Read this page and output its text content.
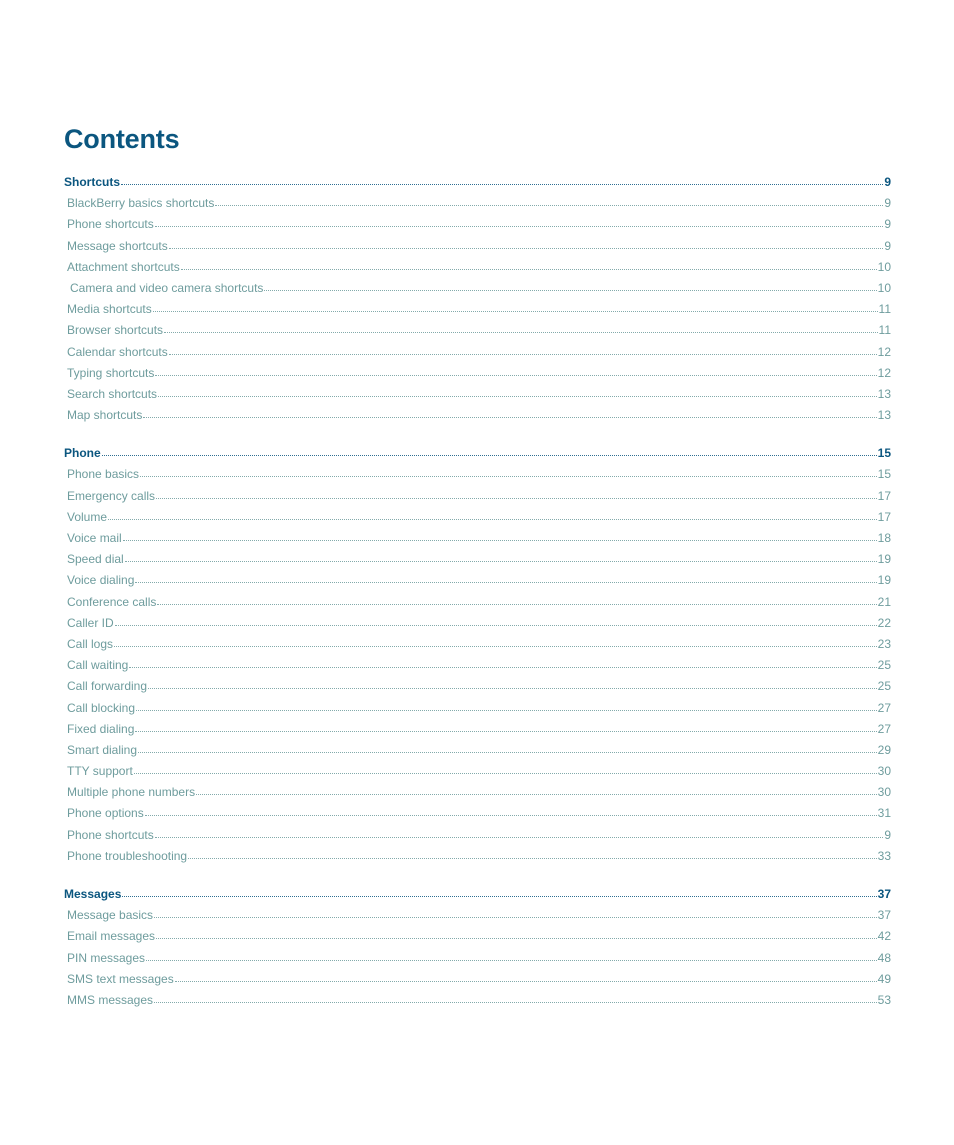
Contents
Shortcuts	9
BlackBerry basics shortcuts	9
Phone shortcuts	9
Message shortcuts	9
Attachment shortcuts	10
Camera and video camera shortcuts	10
Media shortcuts	11
Browser shortcuts	11
Calendar shortcuts	12
Typing shortcuts	12
Search shortcuts	13
Map shortcuts	13
Phone	15
Phone basics	15
Emergency calls	17
Volume	17
Voice mail	18
Speed dial	19
Voice dialing	19
Conference calls	21
Caller ID	22
Call logs	23
Call waiting	25
Call forwarding	25
Call blocking	27
Fixed dialing	27
Smart dialing	29
TTY support	30
Multiple phone numbers	30
Phone options	31
Phone shortcuts	9
Phone troubleshooting	33
Messages	37
Message basics	37
Email messages	42
PIN messages	48
SMS text messages	49
MMS messages	53
